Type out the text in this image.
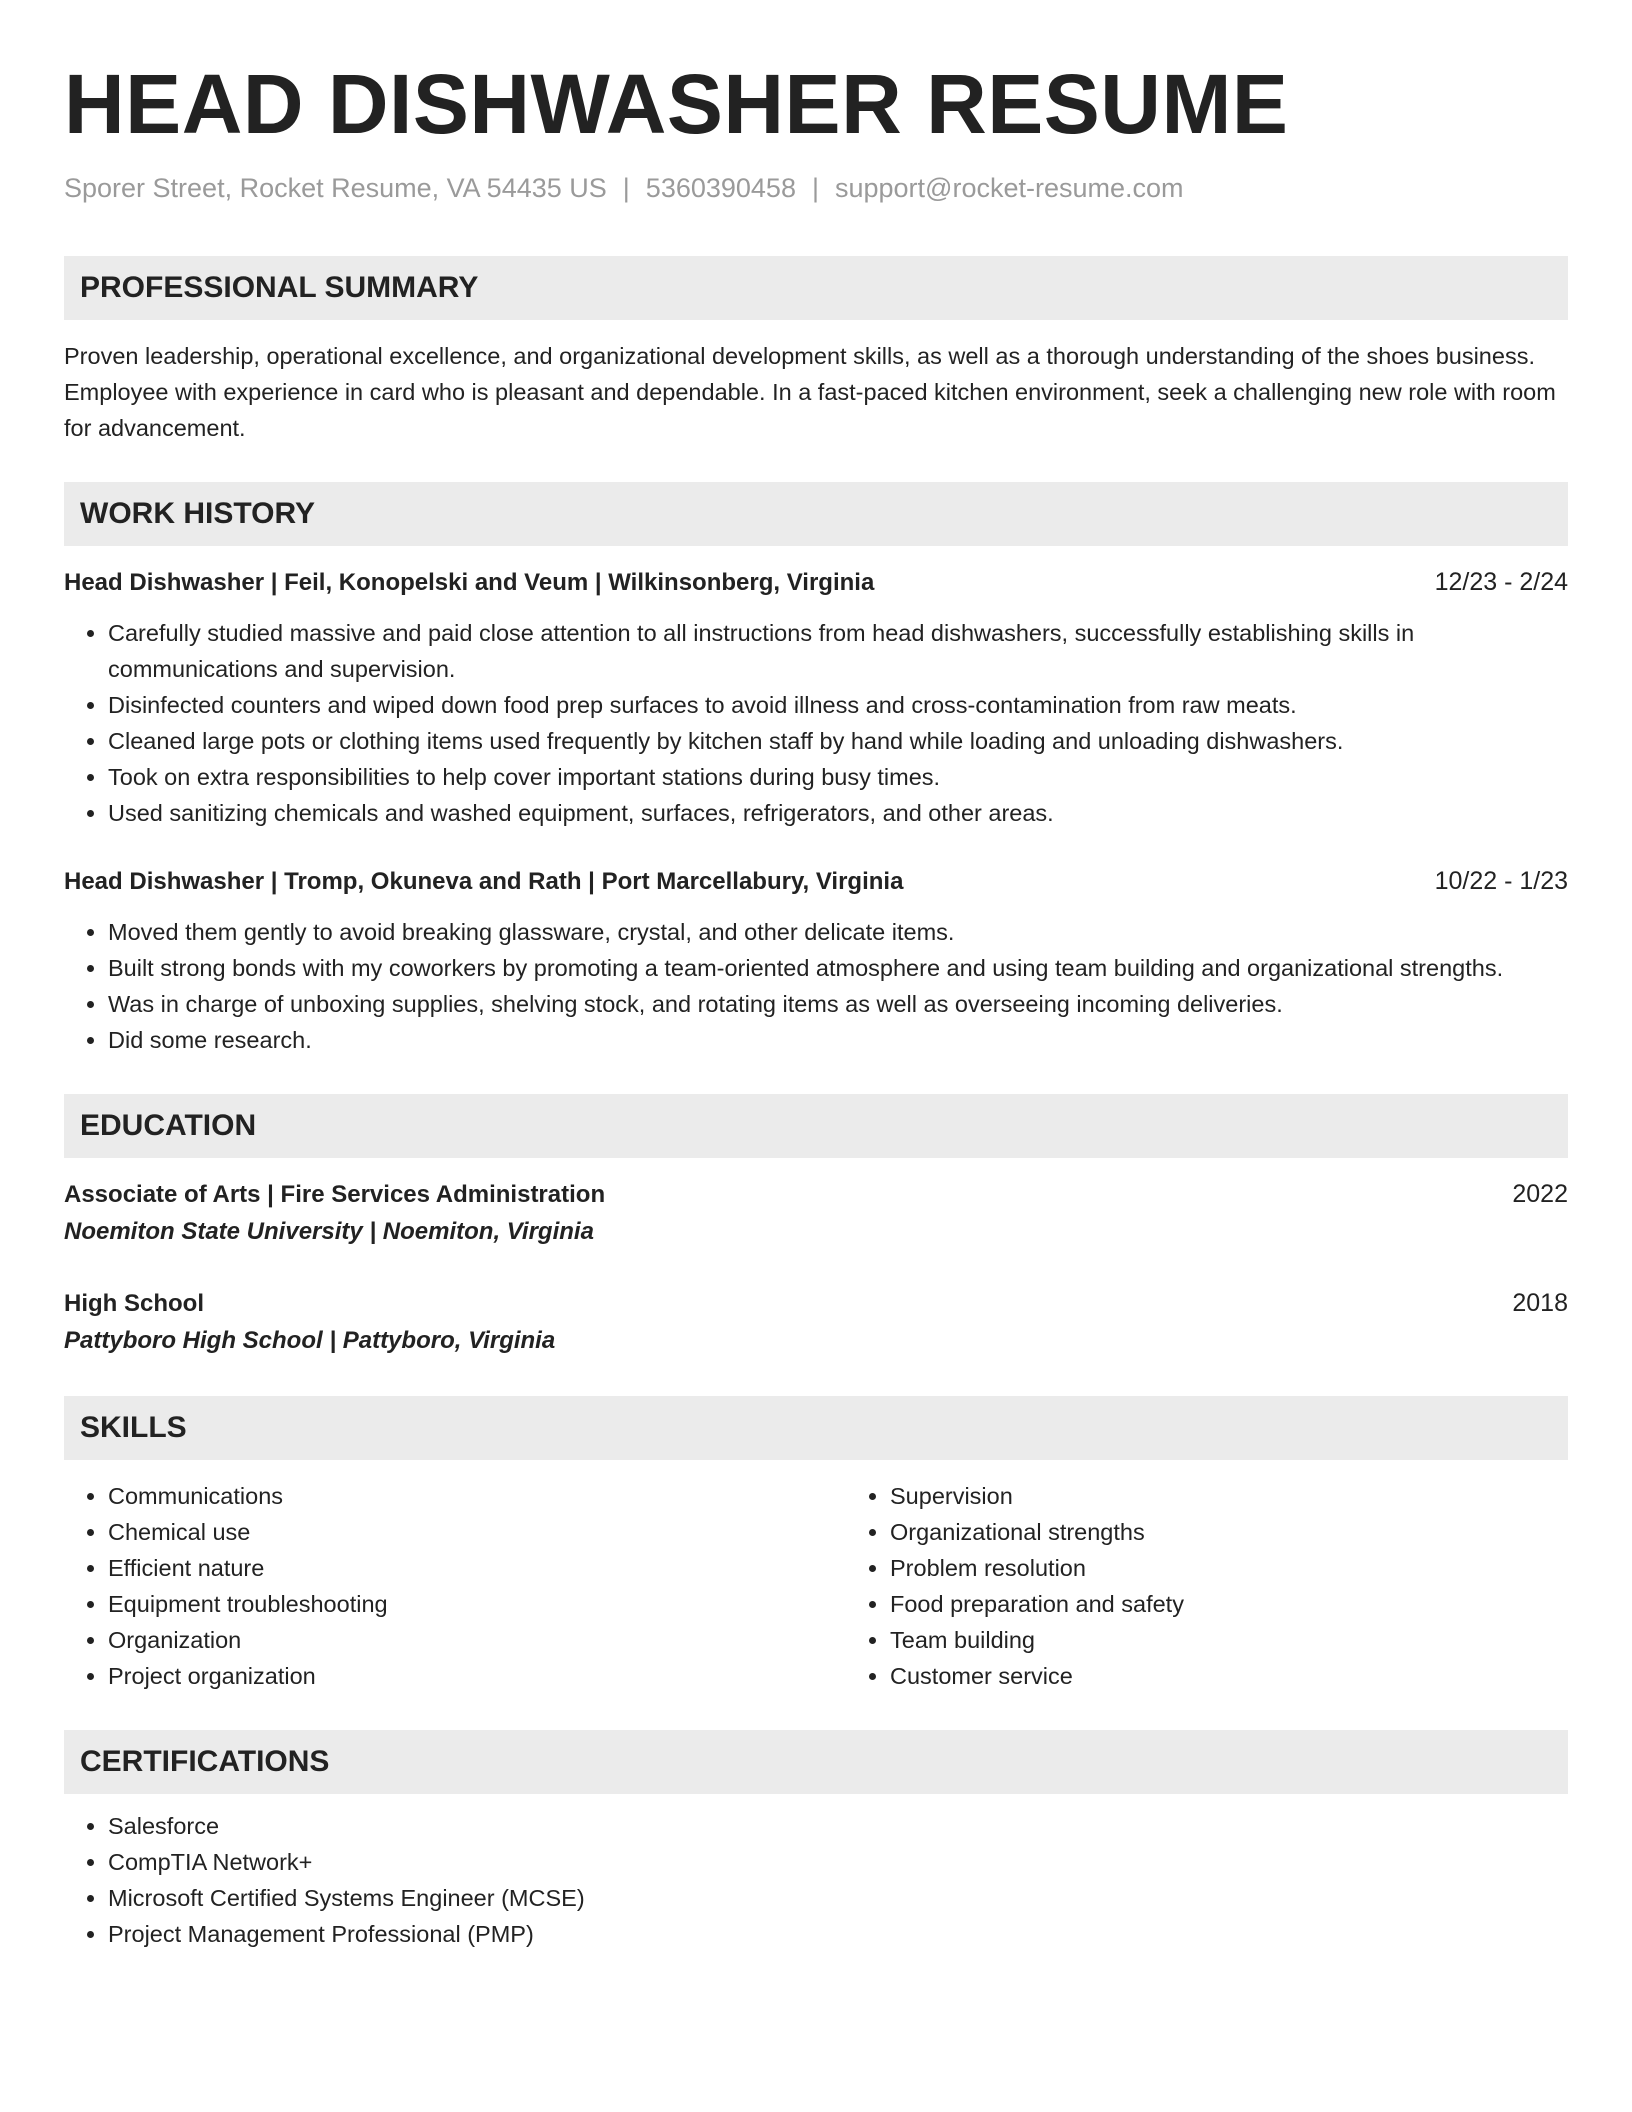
HEAD DISHWASHER RESUME
Sporer Street, Rocket Resume, VA 54435 US | 5360390458 | support@rocket-resume.com
PROFESSIONAL SUMMARY
Proven leadership, operational excellence, and organizational development skills, as well as a thorough understanding of the shoes business. Employee with experience in card who is pleasant and dependable. In a fast-paced kitchen environment, seek a challenging new role with room for advancement.
WORK HISTORY
Head Dishwasher | Feil, Konopelski and Veum | Wilkinsonberg, Virginia	12/23 - 2/24
• Carefully studied massive and paid close attention to all instructions from head dishwashers, successfully establishing skills in communications and supervision.
• Disinfected counters and wiped down food prep surfaces to avoid illness and cross-contamination from raw meats.
• Cleaned large pots or clothing items used frequently by kitchen staff by hand while loading and unloading dishwashers.
• Took on extra responsibilities to help cover important stations during busy times.
• Used sanitizing chemicals and washed equipment, surfaces, refrigerators, and other areas.
Head Dishwasher | Tromp, Okuneva and Rath | Port Marcellabury, Virginia	10/22 - 1/23
• Moved them gently to avoid breaking glassware, crystal, and other delicate items.
• Built strong bonds with my coworkers by promoting a team-oriented atmosphere and using team building and organizational strengths.
• Was in charge of unboxing supplies, shelving stock, and rotating items as well as overseeing incoming deliveries.
• Did some research.
EDUCATION
Associate of Arts | Fire Services Administration	2022
Noemiton State University | Noemiton, Virginia
High School	2018
Pattyboro High School | Pattyboro, Virginia
SKILLS
• Communications
• Chemical use
• Efficient nature
• Equipment troubleshooting
• Organization
• Project organization
• Supervision
• Organizational strengths
• Problem resolution
• Food preparation and safety
• Team building
• Customer service
CERTIFICATIONS
• Salesforce
• CompTIA Network+
• Microsoft Certified Systems Engineer (MCSE)
• Project Management Professional (PMP)
